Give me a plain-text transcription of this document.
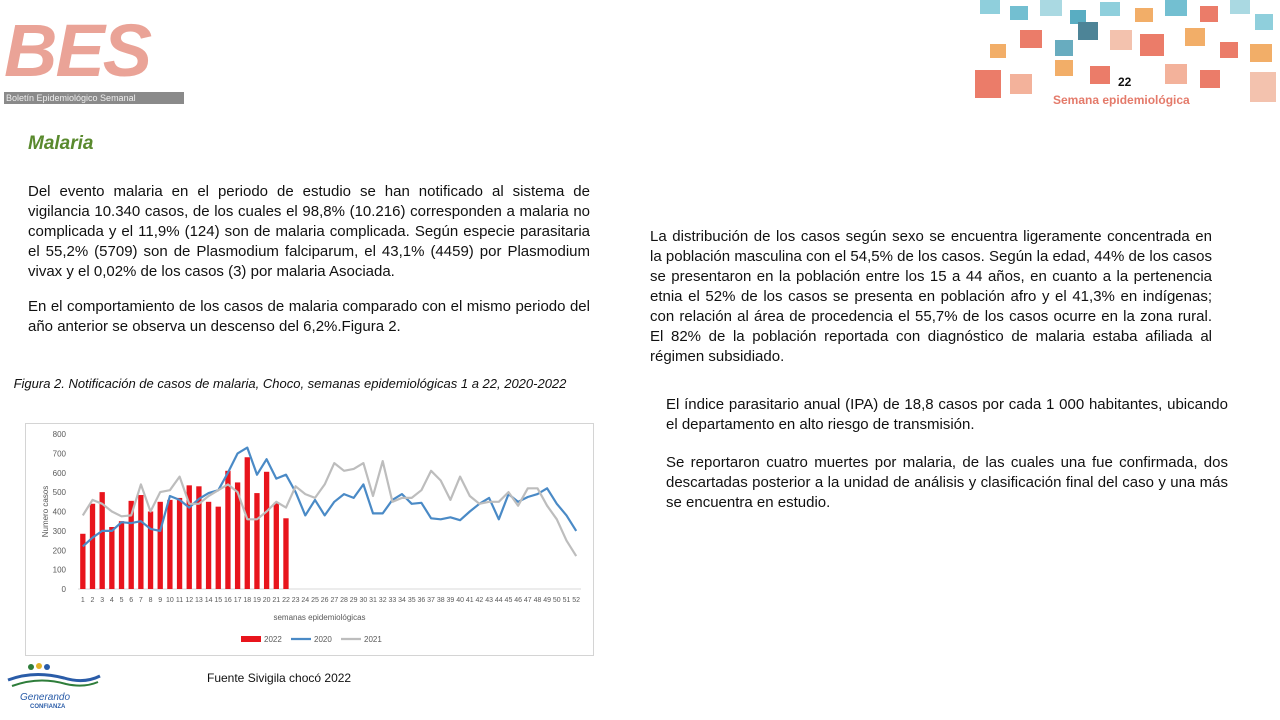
BES
Boletín Epidemiológico Semanal
22
Semana epidemiológica
Malaria
Del evento malaria en el periodo de estudio se han notificado al sistema de vigilancia 10.340 casos, de los cuales el 98,8% (10.216) corresponden a malaria no complicada y el 11,9% (124) son de malaria complicada. Según especie parasitaria el 55,2% (5709) son de Plasmodium falciparum, el 43,1% (4459) por Plasmodium vivax y el 0,02% de los casos (3) por malaria Asociada.
En el comportamiento de los casos de malaria comparado con el mismo periodo del año anterior se observa un descenso del 6,2%.Figura 2.
La distribución de los casos según sexo se encuentra ligeramente concentrada en la población masculina con el 54,5% de los casos. Según la edad, 44% de los casos se presentaron en la población entre los 15 a 44 años, en cuanto a la pertenencia etnia el 52% de los casos se presenta en población afro y el 41,3% en indígenas; con relación al área de procedencia el 55,7% de los casos ocurre en la zona rural. El 82% de la población reportada con diagnóstico de malaria estaba afiliada al régimen subsidiado.
El índice parasitario anual (IPA) de 18,8 casos por cada 1 000 habitantes, ubicando el departamento en alto riesgo de transmisión.
Se reportaron cuatro muertes por malaria, de las cuales una fue confirmada, dos descartadas posterior a la unidad de análisis y clasificación final del caso y una más se encuentra en estudio.
Figura 2. Notificación de casos de malaria, Choco, semanas epidemiológicas 1 a 22, 2020-2022
0
100
200
300
400
500
600
700
800
1 2 3 4 5 6 7 8 9 10 11 12 13 14 15 16 17 18 19 20 21 22 23 24 25 26 27 28 29 30 31 32 33 34 35 36 37 38 39 40 41 42 43 44 45 46 47 48 49 50 51 52
Numero casos
semanas epidemiológicas
2022	2020	2021
Fuente Sivigila chocó 2022
Generando
CONFIANZA
